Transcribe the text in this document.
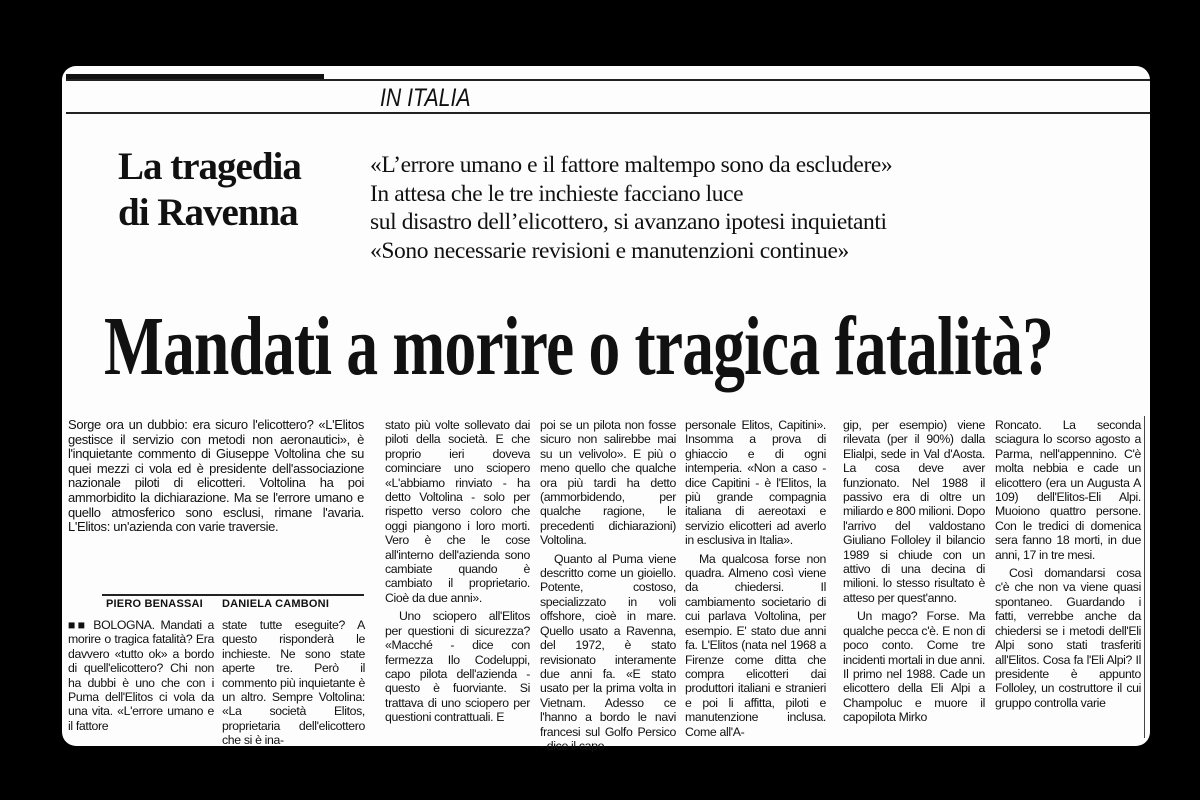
IN ITALIA
La tragedia
di Ravenna
«L’errore umano e il fattore maltempo sono da escludere»
In attesa che le tre inchieste facciano luce
sul disastro dell’elicottero, si avanzano ipotesi inquietanti
«Sono necessarie revisioni e manutenzioni continue»
Mandati a morire o tragica fatalità?
Sorge ora un dubbio: era sicuro l'elicottero? «L'Elitos gestisce il servizio con metodi non aeronautici», è l'inquietante commento di Giuseppe Voltolina che su quei mezzi ci vola ed è presidente dell'associazione nazionale piloti di elicotteri. Voltolina ha poi ammorbidito la dichiarazione. Ma se l'errore umano e quello atmosferico sono esclusi, rimane l'avaria. L'Elitos: un'azienda con varie traversie.
PIERO BENASSAI DANIELA CAMBONI

■■ BOLOGNA. Mandati a morire o tragica fatalità? Era davvero «tutto ok» a bordo di quell'elicottero? Chi non ha dubbi è uno che con i Puma dell'Elitos ci vola da una vita. «L'errore umano e il fattore

state tutte eseguite? A questo risponderà le inchieste. Ne sono state aperte tre. Però il commento più inquietante è un altro. Sempre Voltolina: «La società Elitos, proprietaria dell'elicottero che si è ina-

stato più volte sollevato dai piloti della società. E che proprio ieri doveva cominciare uno sciopero «L'abbiamo rinviato - ha detto Voltolina - solo per rispetto verso coloro che oggi piangono i loro morti. Vero è che le cose all'interno dell'azienda sono cambiate quando è cambiato il proprietario. Cioè da due anni».

Uno sciopero all'Elitos per questioni di sicurezza? «Macché - dice con fermezza Ilo Codeluppi, capo pilota dell'azienda - questo è fuorviante. Si trattava di uno sciopero per questioni contrattuali. E

poi se un pilota non fosse sicuro non salirebbe mai su un velivolo». E più o meno quello che qualche ora più tardi ha detto (ammorbidendo, per qualche ragione, le precedenti dichiarazioni) Voltolina.

Quanto al Puma viene descritto come un gioiello. Potente, costoso, specializzato in voli offshore, cioè in mare. Quello usato a Ravenna, del 1972, è stato revisionato interamente due anni fa. «E stato usato per la prima volta in Vietnam. Adesso ce l'hanno a bordo le navi francesi sul Golfo Persico - dice il capo

personale Elitos, Capitini». Insomma a prova di ghiaccio e di ogni intemperia. «Non a caso - dice Capitini - è l'Elitos, la più grande compagnia italiana di aereotaxi e servizio elicotteri ad averlo in esclusiva in Italia».

Ma qualcosa forse non quadra. Almeno così viene da chiedersi. Il cambiamento societario di cui parlava Voltolina, per esempio. E' stato due anni fa. L'Elitos (nata nel 1968 a Firenze come ditta che compra elicotteri dai produttori italiani e stranieri e poi li affitta, piloti e manutenzione inclusa. Come all'A-

gip, per esempio) viene rilevata (per il 90%) dalla Elialpi, sede in Val d'Aosta. La cosa deve aver funzionato. Nel 1988 il passivo era di oltre un miliardo e 800 milioni. Dopo l'arrivo del valdostano Giuliano Folloley il bilancio 1989 si chiude con un attivo di una decina di milioni. lo stesso risultato è atteso per quest'anno.

Un mago? Forse. Ma qualche pecca c'è. E non di poco conto. Come tre incidenti mortali in due anni. Il primo nel 1988. Cade un elicottero della Eli Alpi a Champoluc e muore il capopilota Mirko

Roncato. La seconda sciagura lo scorso agosto a Parma, nell'appennino. C'è molta nebbia e cade un elicottero (era un Augusta A 109) dell'Elitos-Eli Alpi. Muoiono quattro persone. Con le tredici di domenica sera fanno 18 morti, in due anni, 17 in tre mesi.

Così domandarsi cosa c'è che non va viene quasi spontaneo. Guardando i fatti, verrebbe anche da chiedersi se i metodi dell'Eli Alpi sono stati trasferiti all'Elitos. Cosa fa l'Eli Alpi? Il presidente è appunto Folloley, un costruttore il cui gruppo controlla varie
